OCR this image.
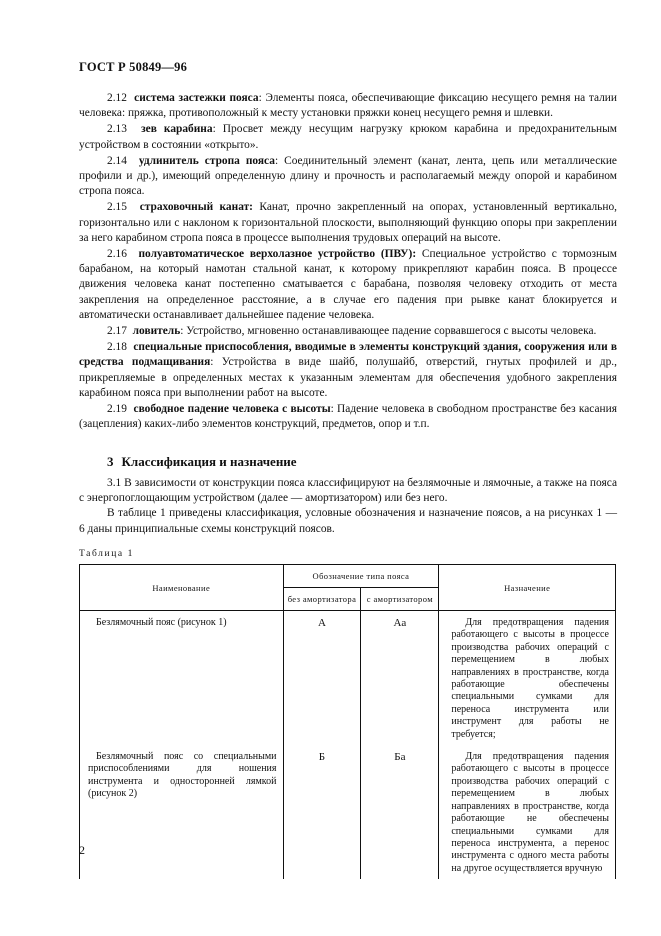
ГОСТ Р 50849—96

2.12 система застежки пояса: Элементы пояса, обеспечивающие фиксацию несущего ремня на талии человека: пряжка, противоположный к месту установки пряжки конец несущего ремня и шлевки.

2.13 зев карабина: Просвет между несущим нагрузку крюком карабина и предохранительным устройством в состоянии «открыто».

2.14 удлинитель стропа пояса: Соединительный элемент (канат, лента, цепь или металлические профили и др.), имеющий определенную длину и прочность и располагаемый между опорой и карабином стропа пояса.

2.15 страховочный канат: Канат, прочно закрепленный на опорах, установленный вертикально, горизонтально или с наклоном к горизонтальной плоскости, выполняющий функцию опоры при закреплении за него карабином стропа пояса в процессе выполнения трудовых операций на высоте.

2.16 полуавтоматическое верхолазное устройство (ПВУ): Специальное устройство с тормозным барабаном, на который намотан стальной канат, к которому прикрепляют карабин пояса. В процессе движения человека канат постепенно сматывается с барабана, позволяя человеку отходить от места закрепления на определенное расстояние, а в случае его падения при рывке канат блокируется и автоматически останавливает дальнейшее падение человека.

2.17 ловитель: Устройство, мгновенно останавливающее падение сорвавшегося с высоты человека.

2.18 специальные приспособления, вводимые в элементы конструкций здания, сооружения или в средства подмащивания: Устройства в виде шайб, полушайб, отверстий, гнутых профилей и др., прикрепляемые в определенных местах к указанным элементам для обеспечения удобного закрепления карабином пояса при выполнении работ на высоте.

2.19 свободное падение человека с высоты: Падение человека в свободном пространстве без касания (зацепления) каких-либо элементов конструкций, предметов, опор и т.п.

3 Классификация и назначение

3.1 В зависимости от конструкции пояса классифицируют на безлямочные и лямочные, а также на пояса с энергопоглощающим устройством (далее — амортизатором) или без него.

В таблице 1 приведены классификация, условные обозначения и назначение поясов, а на рисунках 1 — 6 даны принципиальные схемы конструкций поясов.

Таблица 1
Наименование	Обозначение типа пояса		Назначение
	без амортизатора	с амортизатором	

Безлямочный пояс (рисунок 1)	А	Аа	Для предотвращения падения работающего с высоты в процессе производства рабочих операций с перемещением в любых направлениях в пространстве, когда работающие обеспечены специальными сумками для переноса инструмента или инструмент для работы не требуется;

Безлямочный пояс со специальными приспособлениями для ношения инструмента и односторонней лямкой (рисунок 2)	Б	Ба	Для предотвращения падения работающего с высоты в процессе производства рабочих операций с перемещением в любых направлениях в пространстве, когда работающие не обеспечены специальными сумками для переноса инструмента, а перенос инструмента с одного места работы на другое осуществляется вручную
2
